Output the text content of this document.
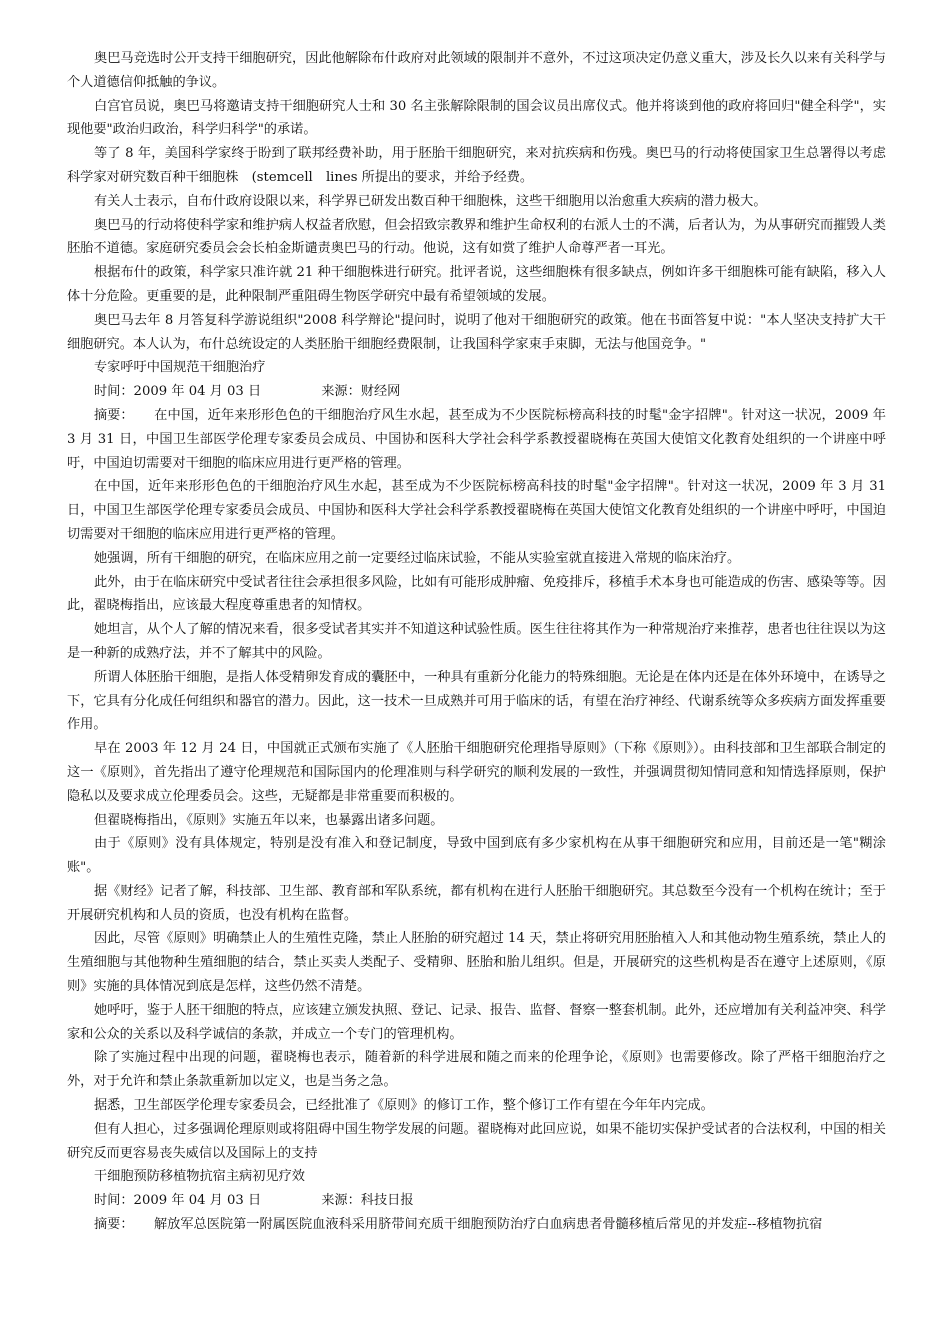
奥巴马竞选时公开支持干细胞研究，因此他解除布什政府对此领域的限制并不意外，不过这项决定仍意义重大，涉及长久以来有关科学与个人道德信仰抵触的争议。

白宫官员说，奥巴马将邀请支持干细胞研究人士和 30 名主张解除限制的国会议员出席仪式。他并将谈到他的政府将回归"健全科学"，实现他要"政治归政治，科学归科学"的承诺。

等了 8 年，美国科学家终于盼到了联邦经费补助，用于胚胎干细胞研究，来对抗疾病和伤残。奥巴马的行动将使国家卫生总署得以考虑科学家对研究数百种干细胞株　(stemcell　lines 所提出的要求，并给予经费。

有关人士表示，自布什政府设限以来，科学界已研发出数百种干细胞株，这些干细胞用以治愈重大疾病的潜力极大。

奥巴马的行动将使科学家和维护病人权益者欣慰，但会招致宗教界和维护生命权利的右派人士的不满，后者认为，为从事研究而摧毁人类胚胎不道德。家庭研究委员会会长柏金斯谴责奥巴马的行动。他说，这有如赏了维护人命尊严者一耳光。

根据布什的政策，科学家只准许就 21 种干细胞株进行研究。批评者说，这些细胞株有很多缺点，例如许多干细胞株可能有缺陷，移入人体十分危险。更重要的是，此种限制严重阻碍生物医学研究中最有希望领域的发展。

奥巴马去年 8 月答复科学游说组织"2008 科学辩论"提问时，说明了他对干细胞研究的政策。他在书面答复中说："本人坚决支持扩大干细胞研究。本人认为，布什总统设定的人类胚胎干细胞经费限制，让我国科学家束手束脚，无法与他国竞争。"

专家呼吁中国规范干细胞治疗

时间：2009 年 04 月 03 日	来源：财经网

摘要： 在中国，近年来形形色色的干细胞治疗风生水起，甚至成为不少医院标榜高科技的时髦"金字招牌"。针对这一状况，2009 年 3 月 31 日，中国卫生部医学伦理专家委员会成员、中国协和医科大学社会科学系教授翟晓梅在英国大使馆文化教育处组织的一个讲座中呼吁，中国迫切需要对干细胞的临床应用进行更严格的管理。

在中国，近年来形形色色的干细胞治疗风生水起，甚至成为不少医院标榜高科技的时髦"金字招牌"。针对这一状况，2009 年 3 月 31 日，中国卫生部医学伦理专家委员会成员、中国协和医科大学社会科学系教授翟晓梅在英国大使馆文化教育处组织的一个讲座中呼吁，中国迫切需要对干细胞的临床应用进行更严格的管理。

她强调，所有干细胞的研究，在临床应用之前一定要经过临床试验，不能从实验室就直接进入常规的临床治疗。

此外，由于在临床研究中受试者往往会承担很多风险，比如有可能形成肿瘤、免疫排斥，移植手术本身也可能造成的伤害、感染等等。因此，翟晓梅指出，应该最大程度尊重患者的知情权。

她坦言，从个人了解的情况来看，很多受试者其实并不知道这种试验性质。医生往往将其作为一种常规治疗来推荐，患者也往往误以为这是一种新的成熟疗法，并不了解其中的风险。

所谓人体胚胎干细胞，是指人体受精卵发育成的囊胚中，一种具有重新分化能力的特殊细胞。无论是在体内还是在体外环境中，在诱导之下，它具有分化成任何组织和器官的潜力。因此，这一技术一旦成熟并可用于临床的话，有望在治疗神经、代谢系统等众多疾病方面发挥重要作用。

早在 2003 年 12 月 24 日，中国就正式颁布实施了《人胚胎干细胞研究伦理指导原则》（下称《原则》）。由科技部和卫生部联合制定的这一《原则》，首先指出了遵守伦理规范和国际国内的伦理准则与科学研究的顺利发展的一致性，并强调贯彻知情同意和知情选择原则，保护隐私以及要求成立伦理委员会。这些，无疑都是非常重要而积极的。

但翟晓梅指出，《原则》实施五年以来，也暴露出诸多问题。

由于《原则》没有具体规定，特别是没有准入和登记制度，导致中国到底有多少家机构在从事干细胞研究和应用，目前还是一笔"糊涂账"。

据《财经》记者了解，科技部、卫生部、教育部和军队系统，都有机构在进行人胚胎干细胞研究。其总数至今没有一个机构在统计；至于开展研究机构和人员的资质，也没有机构在监督。

因此，尽管《原则》明确禁止人的生殖性克隆，禁止人胚胎的研究超过 14 天，禁止将研究用胚胎植入人和其他动物生殖系统，禁止人的生殖细胞与其他物种生殖细胞的结合，禁止买卖人类配子、受精卵、胚胎和胎儿组织。但是，开展研究的这些机构是否在遵守上述原则，《原则》实施的具体情况到底是怎样，这些仍然不清楚。

她呼吁，鉴于人胚干细胞的特点，应该建立颁发执照、登记、记录、报告、监督、督察一整套机制。此外，还应增加有关利益冲突、科学家和公众的关系以及科学诚信的条款，并成立一个专门的管理机构。

除了实施过程中出现的问题，翟晓梅也表示，随着新的科学进展和随之而来的伦理争论，《原则》也需要修改。除了严格干细胞治疗之外，对于允许和禁止条款重新加以定义，也是当务之急。

据悉，卫生部医学伦理专家委员会，已经批准了《原则》的修订工作，整个修订工作有望在今年年内完成。

但有人担心，过多强调伦理原则或将阻碍中国生物学发展的问题。翟晓梅对此回应说，如果不能切实保护受试者的合法权利，中国的相关研究反而更容易丧失威信以及国际上的支持

干细胞预防移植物抗宿主病初见疗效

时间：2009 年 04 月 03 日	来源：科技日报

摘要： 解放军总医院第一附属医院血液科采用脐带间充质干细胞预防治疗白血病患者骨髓移植后常见的并发症--移植物抗宿
